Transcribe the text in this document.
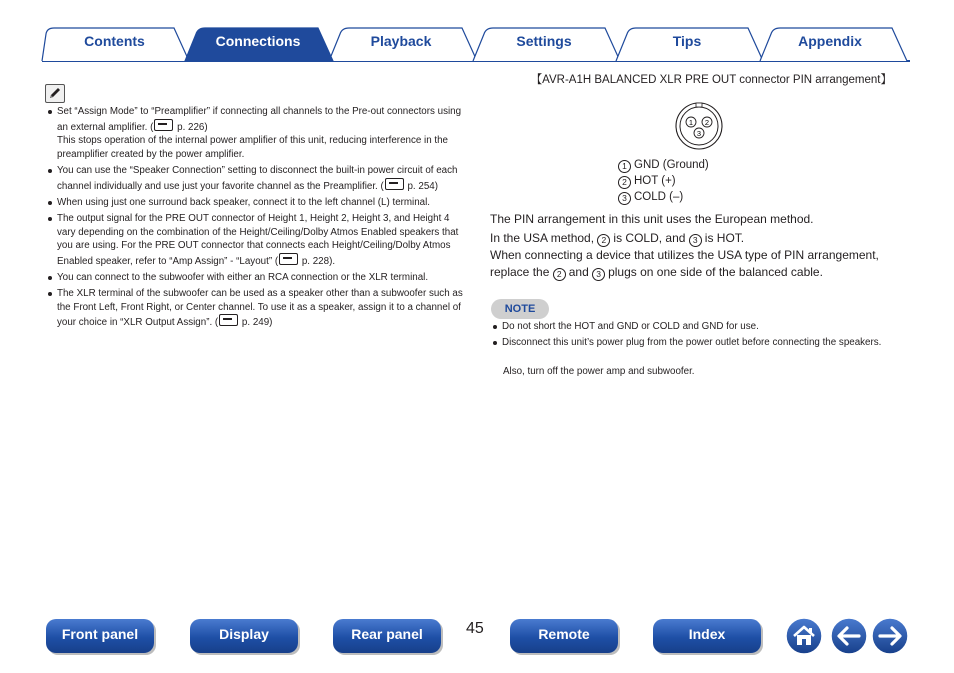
Contents	Connections	Playback	Settings	Tips	Appendix
Set “Assign Mode” to “Preamplifier” if connecting all channels to the Pre-out connectors using an external amplifier. ( p. 226)
This stops operation of the internal power amplifier of this unit, reducing interference in the preamplifier created by the power amplifier.
You can use the “Speaker Connection” setting to disconnect the built-in power circuit of each channel individually and use just your favorite channel as the Preamplifier. ( p. 254)
When using just one surround back speaker, connect it to the left channel (L) terminal.
The output signal for the PRE OUT connector of Height 1, Height 2, Height 3, and Height 4 vary depending on the combination of the Height/Ceiling/Dolby Atmos Enabled speakers that you are using. For the PRE OUT connector that connects each Height/Ceiling/Dolby Atmos Enabled speaker, refer to “Amp Assign” - “Layout” ( p. 228).
You can connect to the subwoofer with either an RCA connection or the XLR terminal.
The XLR terminal of the subwoofer can be used as a speaker other than a subwoofer such as the Front Left, Front Right, or Center channel. To use it as a speaker, assign it to a channel of your choice in “XLR Output Assign”. ( p. 249)
【AVR-A1H BALANCED XLR PRE OUT connector PIN arrangement】
1 2
3
1 GND (Ground)
2 HOT (+)
3 COLD (–)
The PIN arrangement in this unit uses the European method.
In the USA method, 2 is COLD, and 3 is HOT.
When connecting a device that utilizes the USA type of PIN arrangement, replace the 2 and 3 plugs on one side of the balanced cable.
NOTE
Do not short the HOT and GND or COLD and GND for use.
Disconnect this unit’s power plug from the power outlet before connecting the speakers.
Also, turn off the power amp and subwoofer.
Front panel	Display	Rear panel	45	Remote	Index
